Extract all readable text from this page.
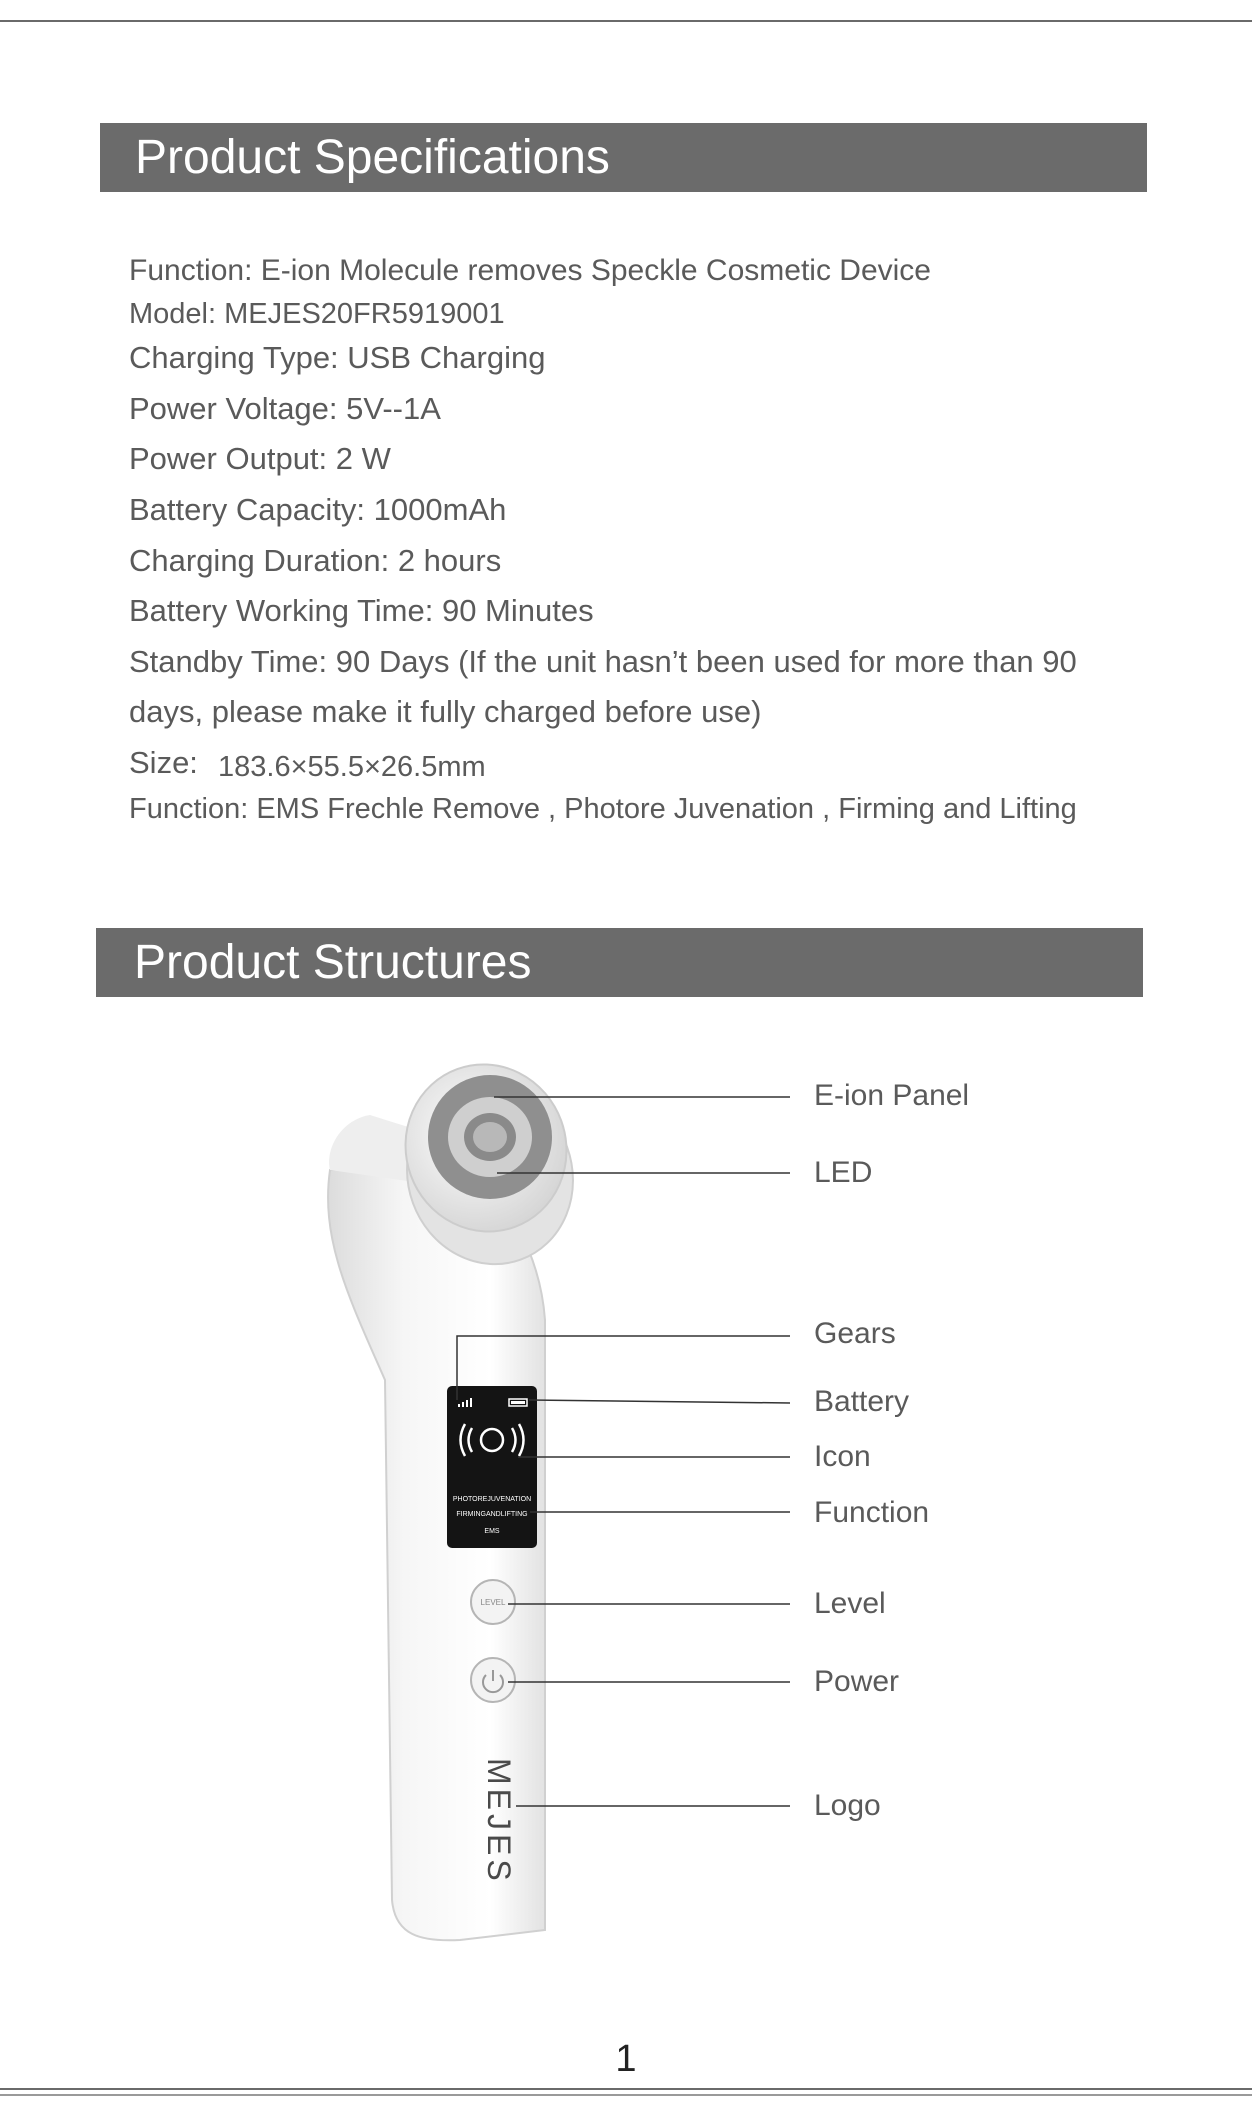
Product Specifications
Function: E-ion Molecule removes Speckle Cosmetic Device
Model: MEJES20FR5919001
Charging Type: USB Charging
Power Voltage: 5V--1A
Power Output: 2 W
Battery Capacity: 1000mAh
Charging Duration: 2 hours
Battery Working Time: 90 Minutes
Standby Time: 90 Days (If the unit hasn’t been used for more than 90
days, please make it fully charged before use)
Size: 183.6×55.5×26.5mm
Function: EMS Frechle Remove , Photore Juvenation , Firming and Lifting
Product Structures
PHOTOREJUVENATION
FIRMINGANDLIFTING
EMS
LEVEL
MEJES
E-ion Panel
LED
Gears
Battery
Icon
Function
Level
Power
Logo
1
